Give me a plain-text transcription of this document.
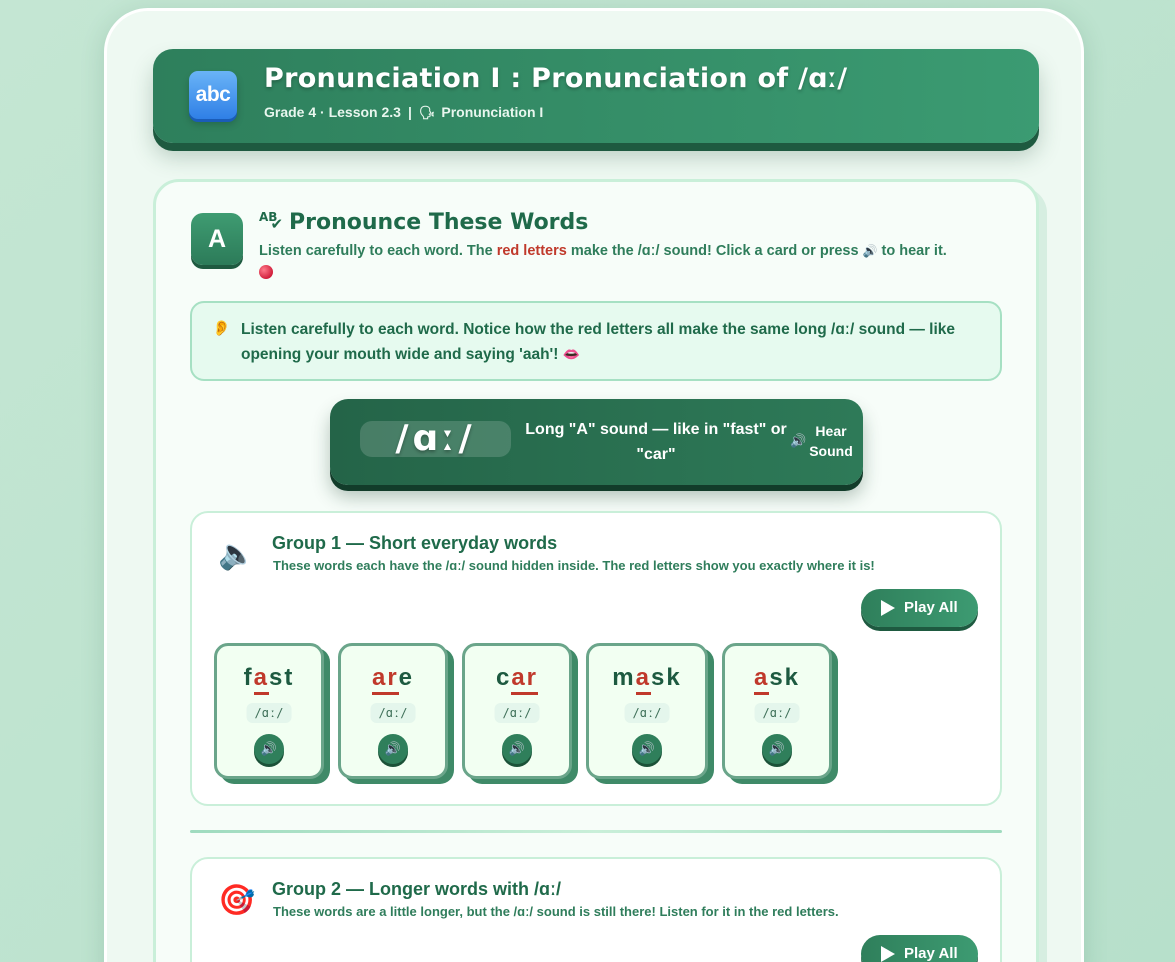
abc
Pronunciation I : Pronunciation of /ɑː/
Grade 4 · Lesson 2.3 | 🗣 Pronunciation I
A
$^{AB}$✔ Pronounce These Words
Listen carefully to each word. The red letters make the /ɑː/ sound! Click a card or press 🔊 to hear it.

👂 Listen carefully to each word. Notice how the red letters all make the same long /ɑː/ sound — like opening your mouth wide and saying 'aah'! 👄
/ɑː/	Long "A" sound — like in "fast" or "car"
🔊
Hear Sound
🔈 Group 1 — Short everyday words
These words each have the /ɑː/ sound hidden inside. The red letters show you exactly where it is!
Play All
fast
/ɑː/
🔊
are
/ɑː/
🔊
car
/ɑː/
🔊
mask
/ɑː/
🔊
ask
/ɑː/
🔊
🎯 Group 2 — Longer words with /ɑː/
These words are a little longer, but the /ɑː/ sound is still there! Listen for it in the red letters.
Play All
